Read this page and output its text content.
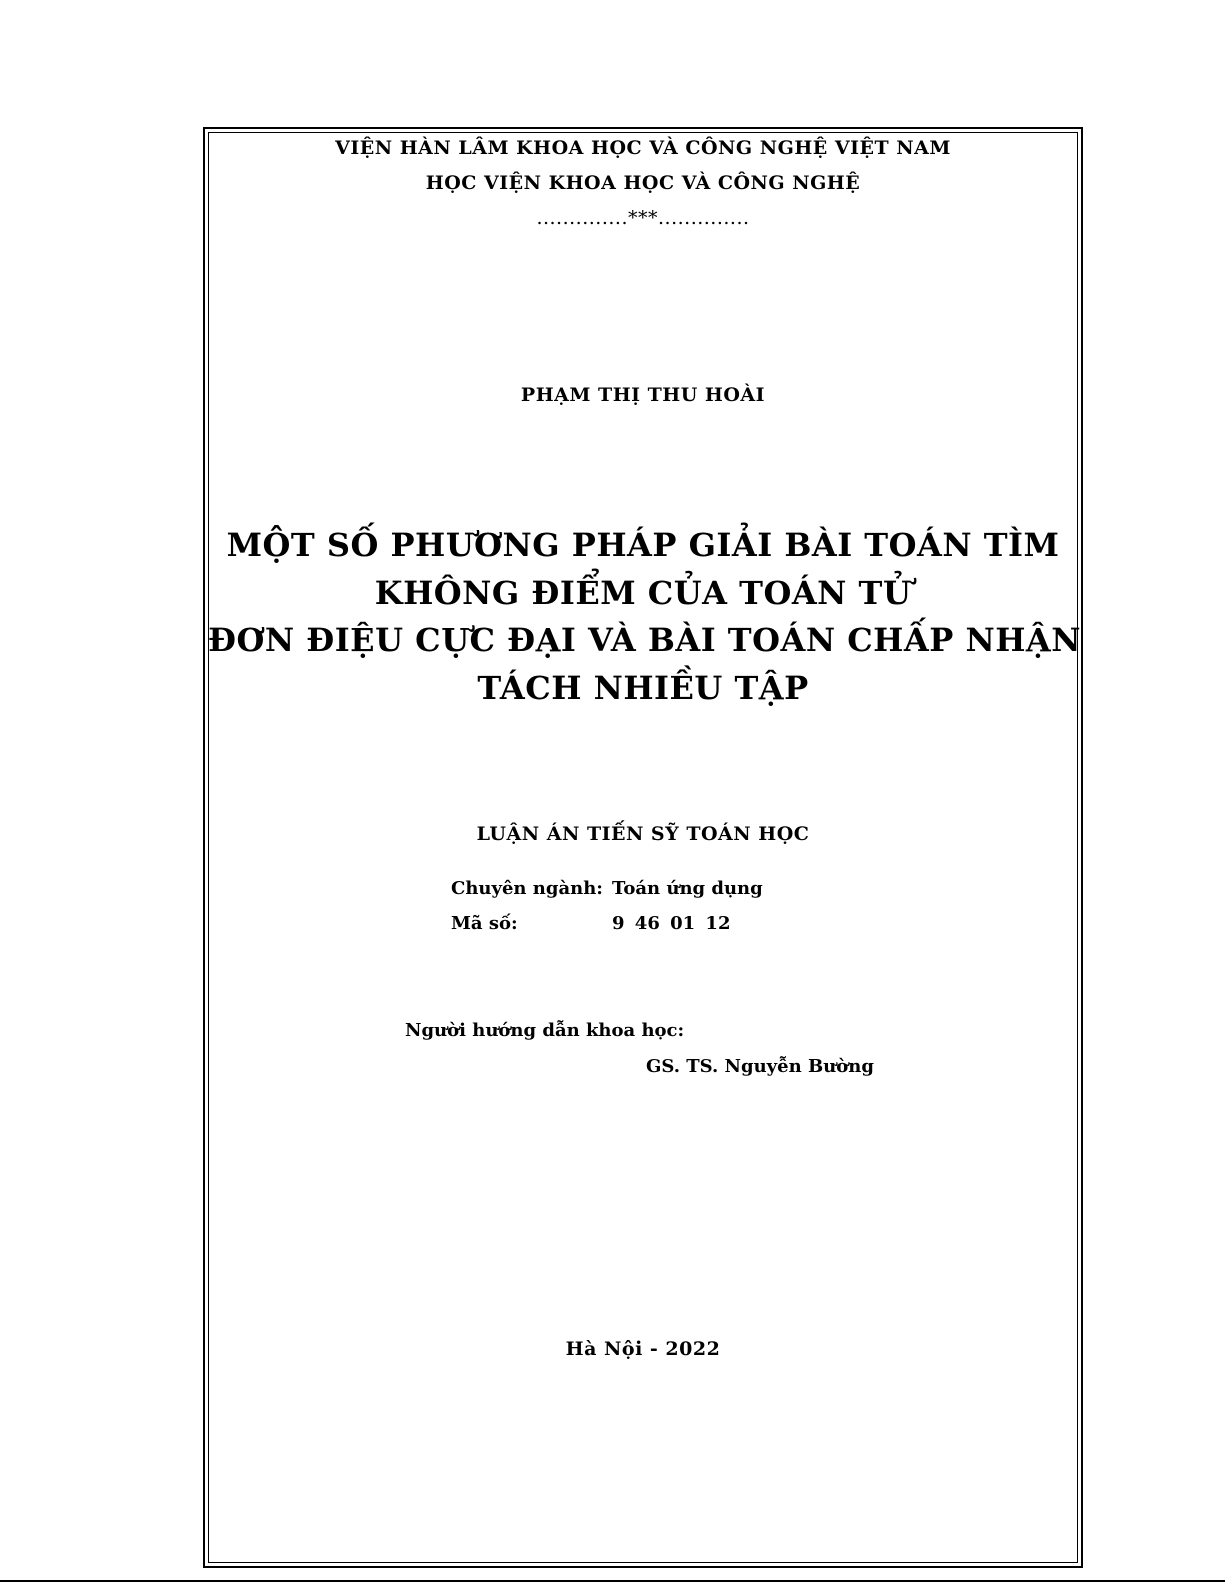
VIỆN HÀN LÂM KHOA HỌC VÀ CÔNG NGHỆ VIỆT NAM
HỌC VIỆN KHOA HỌC VÀ CÔNG NGHỆ
..............***..............
PHẠM THỊ THU HOÀI
MỘT SỐ PHƯƠNG PHÁP GIẢI BÀI TOÁN TÌM
KHÔNG ĐIỂM CỦA TOÁN TỬ
ĐƠN ĐIỆU CỰC ĐẠI VÀ BÀI TOÁN CHẤP NHẬN
TÁCH NHIỀU TẬP
LUẬN ÁN TIẾN SỸ TOÁN HỌC
Chuyên ngành: Toán ứng dụng
Mã số:	9 46 01 12
Người hướng dẫn khoa học:
GS. TS. Nguyễn Bường
Hà Nội - 2022
